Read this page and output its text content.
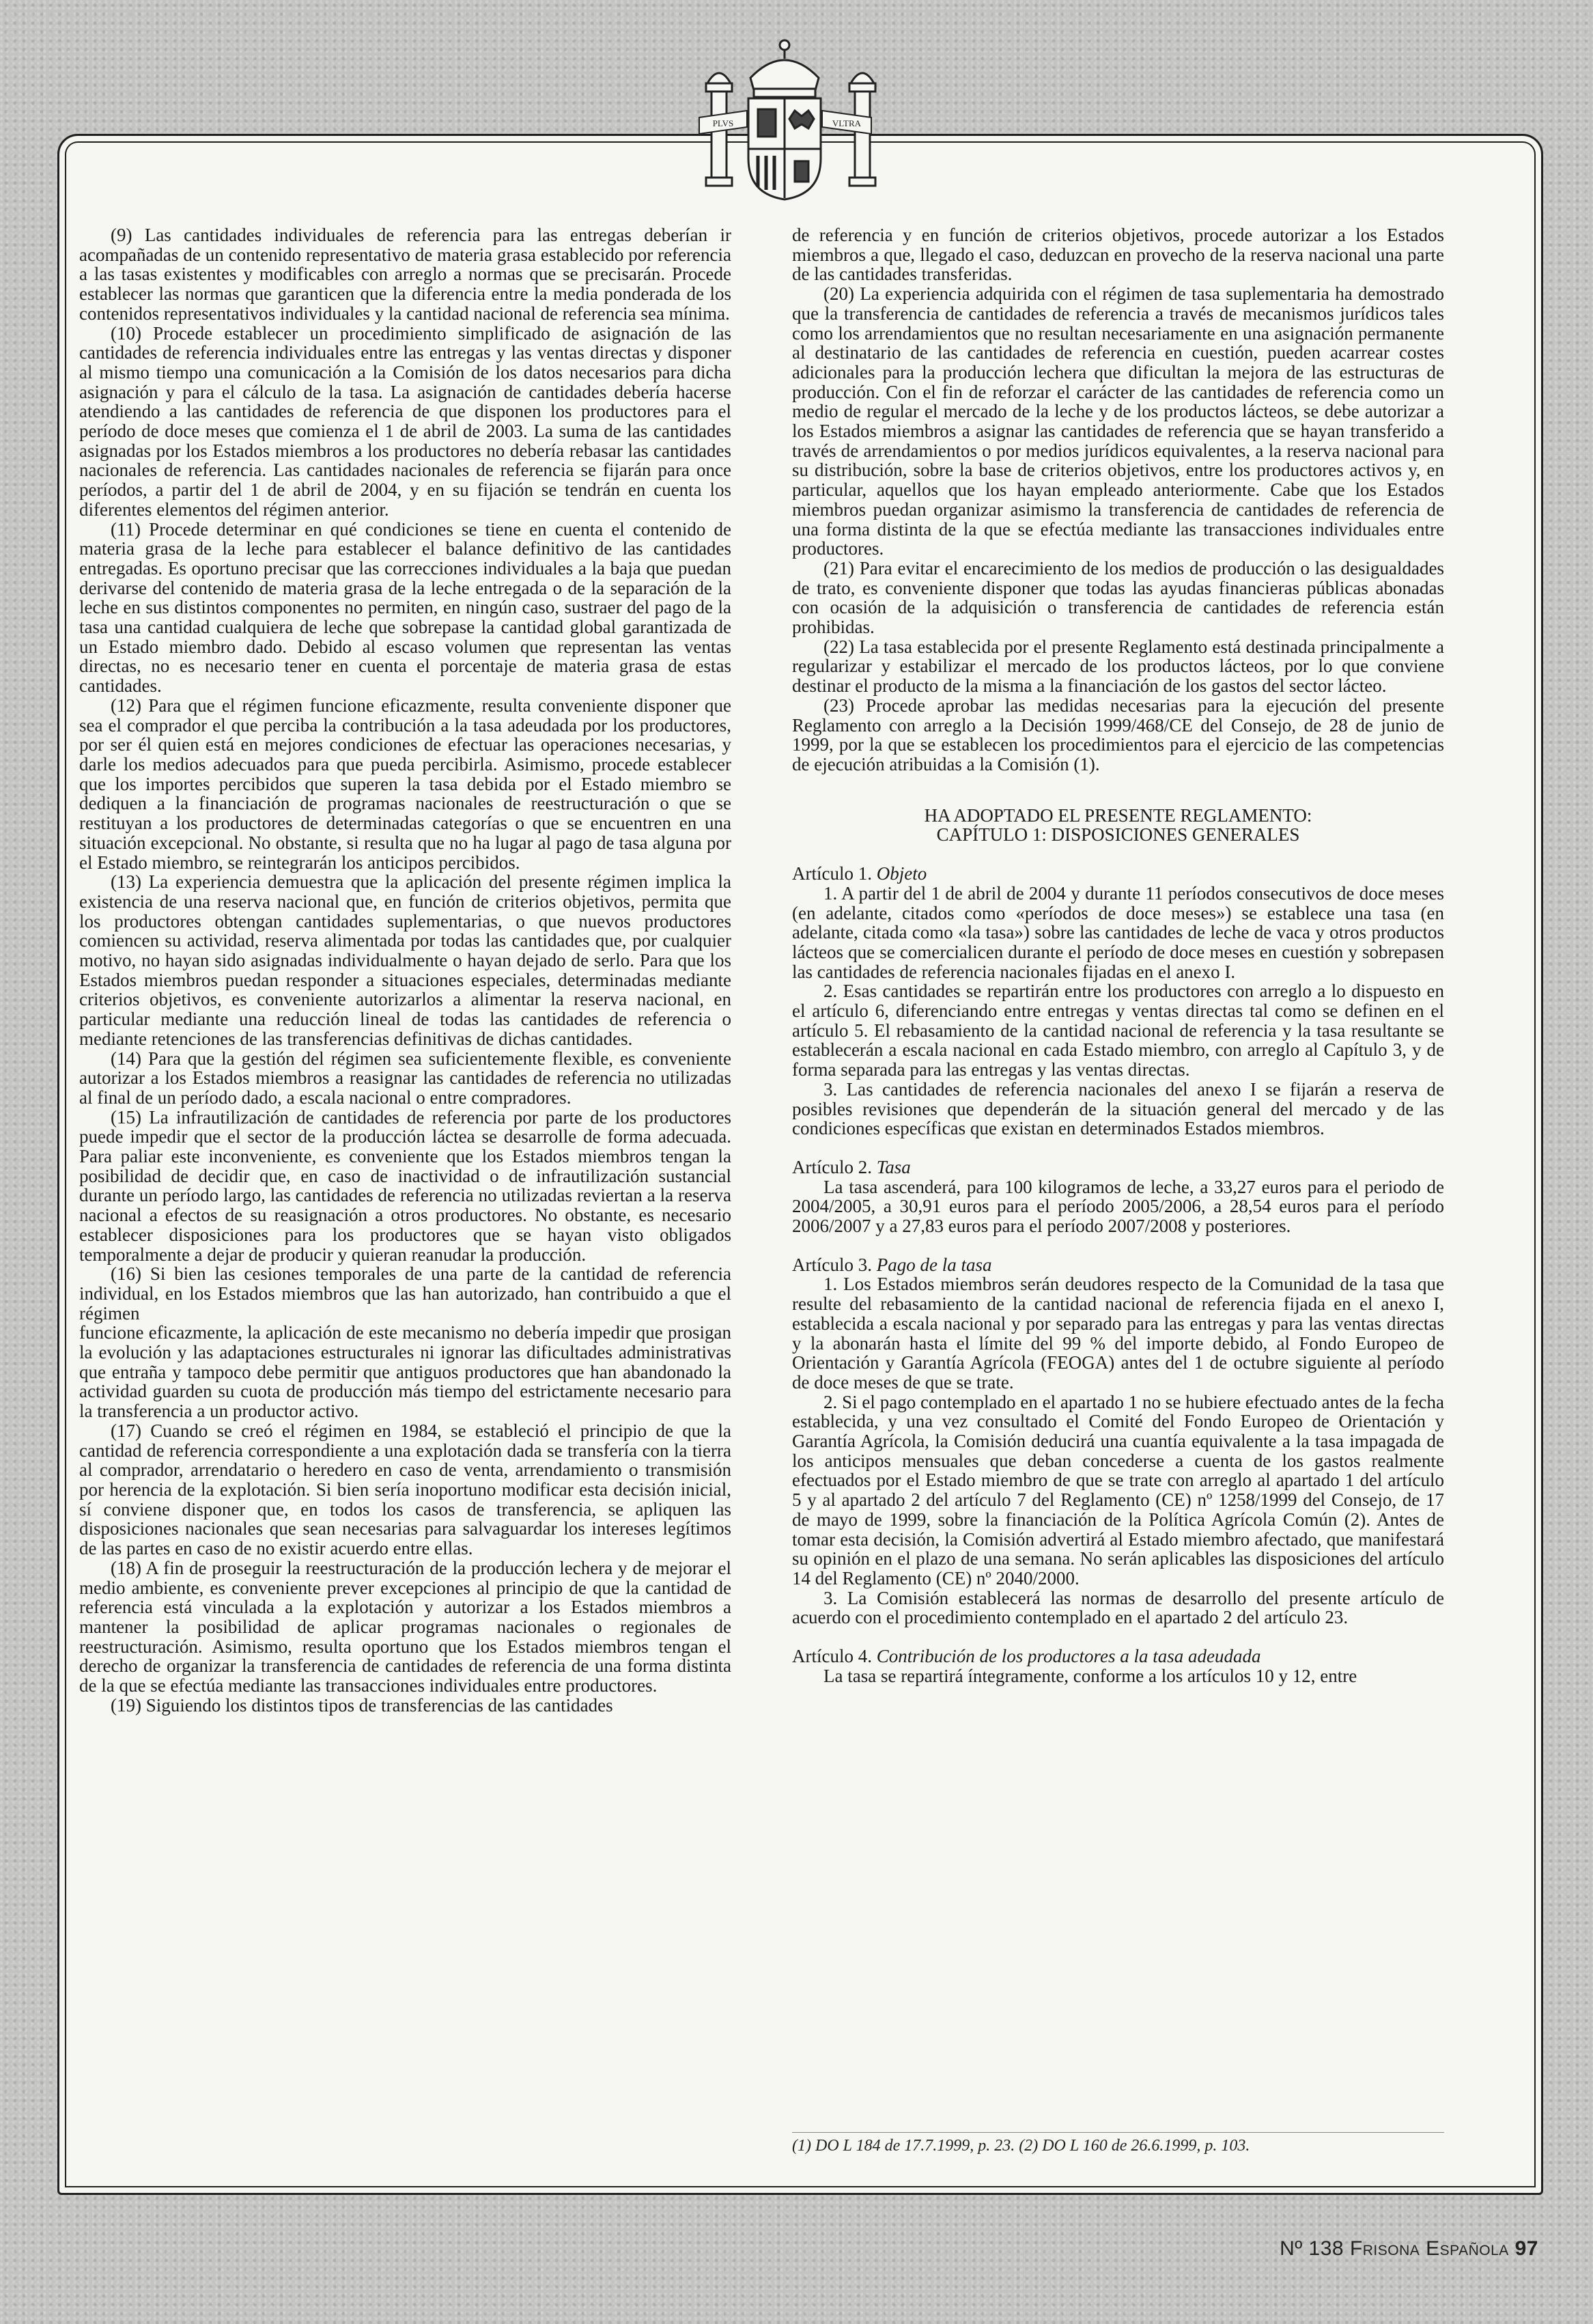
PLVS	VLTRA

(9) Las cantidades individuales de referencia para las entregas deberían ir acompañadas de un contenido representativo de materia grasa establecido por referencia a las tasas existentes y modificables con arreglo a normas que se precisarán. Procede establecer las normas que garanticen que la diferencia entre la media ponderada de los contenidos representativos individuales y la cantidad nacional de referencia sea mínima.

(10) Procede establecer un procedimiento simplificado de asignación de las cantidades de referencia individuales entre las entregas y las ventas directas y disponer al mismo tiempo una comunicación a la Comisión de los datos necesarios para dicha asignación y para el cálculo de la tasa. La asignación de cantidades debería hacerse atendiendo a las cantidades de referencia de que disponen los productores para el período de doce meses que comienza el 1 de abril de 2003. La suma de las cantidades asignadas por los Estados miembros a los productores no debería rebasar las cantidades nacionales de referencia. Las cantidades nacionales de referencia se fijarán para once períodos, a partir del 1 de abril de 2004, y en su fijación se tendrán en cuenta los diferentes elementos del régimen anterior.

(11) Procede determinar en qué condiciones se tiene en cuenta el contenido de materia grasa de la leche para establecer el balance definitivo de las cantidades entregadas. Es oportuno precisar que las correcciones individuales a la baja que puedan derivarse del contenido de materia grasa de la leche entregada o de la separación de la leche en sus distintos componentes no permiten, en ningún caso, sustraer del pago de la tasa una cantidad cualquiera de leche que sobrepase la cantidad global garantizada de un Estado miembro dado. Debido al escaso volumen que representan las ventas directas, no es necesario tener en cuenta el porcentaje de materia grasa de estas cantidades.

(12) Para que el régimen funcione eficazmente, resulta conveniente disponer que sea el comprador el que perciba la contribución a la tasa adeudada por los productores, por ser él quien está en mejores condiciones de efectuar las operaciones necesarias, y darle los medios adecuados para que pueda percibirla. Asimismo, procede establecer que los importes percibidos que superen la tasa debida por el Estado miembro se dediquen a la financiación de programas nacionales de reestructuración o que se restituyan a los productores de determinadas categorías o que se encuentren en una situación excepcional. No obstante, si resulta que no ha lugar al pago de tasa alguna por el Estado miembro, se reintegrarán los anticipos percibidos.

(13) La experiencia demuestra que la aplicación del presente régimen implica la existencia de una reserva nacional que, en función de criterios objetivos, permita que los productores obtengan cantidades suplementarias, o que nuevos productores comiencen su actividad, reserva alimentada por todas las cantidades que, por cualquier motivo, no hayan sido asignadas individualmente o hayan dejado de serlo. Para que los Estados miembros puedan responder a situaciones especiales, determinadas mediante criterios objetivos, es conveniente autorizarlos a alimentar la reserva nacional, en particular mediante una reducción lineal de todas las cantidades de referencia o mediante retenciones de las transferencias definitivas de dichas cantidades.

(14) Para que la gestión del régimen sea suficientemente flexible, es conveniente autorizar a los Estados miembros a reasignar las cantidades de referencia no utilizadas al final de un período dado, a escala nacional o entre compradores.

(15) La infrautilización de cantidades de referencia por parte de los productores puede impedir que el sector de la producción láctea se desarrolle de forma adecuada. Para paliar este inconveniente, es conveniente que los Estados miembros tengan la posibilidad de decidir que, en caso de inactividad o de infrautilización sustancial durante un período largo, las cantidades de referencia no utilizadas reviertan a la reserva nacional a efectos de su reasignación a otros productores. No obstante, es necesario establecer disposiciones para los productores que se hayan visto obligados temporalmente a dejar de producir y quieran reanudar la producción.

(16) Si bien las cesiones temporales de una parte de la cantidad de referencia individual, en los Estados miembros que las han autorizado, han contribuido a que el régimen

funcione eficazmente, la aplicación de este mecanismo no debería impedir que prosigan la evolución y las adaptaciones estructurales ni ignorar las dificultades administrativas que entraña y tampoco debe permitir que antiguos productores que han abandonado la actividad guarden su cuota de producción más tiempo del estrictamente necesario para la transferencia a un productor activo.

(17) Cuando se creó el régimen en 1984, se estableció el principio de que la cantidad de referencia correspondiente a una explotación dada se transfería con la tierra al comprador, arrendatario o heredero en caso de venta, arrendamiento o transmisión por herencia de la explotación. Si bien sería inoportuno modificar esta decisión inicial, sí conviene disponer que, en todos los casos de transferencia, se apliquen las disposiciones nacionales que sean necesarias para salvaguardar los intereses legítimos de las partes en caso de no existir acuerdo entre ellas.

(18) A fin de proseguir la reestructuración de la producción lechera y de mejorar el medio ambiente, es conveniente prever excepciones al principio de que la cantidad de referencia está vinculada a la explotación y autorizar a los Estados miembros a mantener la posibilidad de aplicar programas nacionales o regionales de reestructuración. Asimismo, resulta oportuno que los Estados miembros tengan el derecho de organizar la transferencia de cantidades de referencia de una forma distinta de la que se efectúa mediante las transacciones individuales entre productores.

(19) Siguiendo los distintos tipos de transferencias de las cantidades

de referencia y en función de criterios objetivos, procede autorizar a los Estados miembros a que, llegado el caso, deduzcan en provecho de la reserva nacional una parte de las cantidades transferidas.

(20) La experiencia adquirida con el régimen de tasa suplementaria ha demostrado que la transferencia de cantidades de referencia a través de mecanismos jurídicos tales como los arrendamientos que no resultan necesariamente en una asignación permanente al destinatario de las cantidades de referencia en cuestión, pueden acarrear costes adicionales para la producción lechera que dificultan la mejora de las estructuras de producción. Con el fin de reforzar el carácter de las cantidades de referencia como un medio de regular el mercado de la leche y de los productos lácteos, se debe autorizar a los Estados miembros a asignar las cantidades de referencia que se hayan transferido a través de arrendamientos o por medios jurídicos equivalentes, a la reserva nacional para su distribución, sobre la base de criterios objetivos, entre los productores activos y, en particular, aquellos que los hayan empleado anteriormente. Cabe que los Estados miembros puedan organizar asimismo la transferencia de cantidades de referencia de una forma distinta de la que se efectúa mediante las transacciones individuales entre productores.

(21) Para evitar el encarecimiento de los medios de producción o las desigualdades de trato, es conveniente disponer que todas las ayudas financieras públicas abonadas con ocasión de la adquisición o transferencia de cantidades de referencia están prohibidas.

(22) La tasa establecida por el presente Reglamento está destinada principalmente a regularizar y estabilizar el mercado de los productos lácteos, por lo que conviene destinar el producto de la misma a la financiación de los gastos del sector lácteo.

(23) Procede aprobar las medidas necesarias para la ejecución del presente Reglamento con arreglo a la Decisión 1999/468/CE del Consejo, de 28 de junio de 1999, por la que se establecen los procedimientos para el ejercicio de las competencias de ejecución atribuidas a la Comisión (1).

HA ADOPTADO EL PRESENTE REGLAMENTO:

CAPÍTULO 1: DISPOSICIONES GENERALES

Artículo 1. Objeto

1. A partir del 1 de abril de 2004 y durante 11 períodos consecutivos de doce meses (en adelante, citados como «períodos de doce meses») se establece una tasa (en adelante, citada como «la tasa») sobre las cantidades de leche de vaca y otros productos lácteos que se comercialicen durante el período de doce meses en cuestión y sobrepasen las cantidades de referencia nacionales fijadas en el anexo I.

2. Esas cantidades se repartirán entre los productores con arreglo a lo dispuesto en el artículo 6, diferenciando entre entregas y ventas directas tal como se definen en el artículo 5. El rebasamiento de la cantidad nacional de referencia y la tasa resultante se establecerán a escala nacional en cada Estado miembro, con arreglo al Capítulo 3, y de forma separada para las entregas y las ventas directas.

3. Las cantidades de referencia nacionales del anexo I se fijarán a reserva de posibles revisiones que dependerán de la situación general del mercado y de las condiciones específicas que existan en determinados Estados miembros.

Artículo 2. Tasa

La tasa ascenderá, para 100 kilogramos de leche, a 33,27 euros para el periodo de 2004/2005, a 30,91 euros para el período 2005/2006, a 28,54 euros para el período 2006/2007 y a 27,83 euros para el período 2007/2008 y posteriores.

Artículo 3. Pago de la tasa

1. Los Estados miembros serán deudores respecto de la Comunidad de la tasa que resulte del rebasamiento de la cantidad nacional de referencia fijada en el anexo I, establecida a escala nacional y por separado para las entregas y para las ventas directas y la abonarán hasta el límite del 99 % del importe debido, al Fondo Europeo de Orientación y Garantía Agrícola (FEOGA) antes del 1 de octubre siguiente al período de doce meses de que se trate.

2. Si el pago contemplado en el apartado 1 no se hubiere efectuado antes de la fecha establecida, y una vez consultado el Comité del Fondo Europeo de Orientación y Garantía Agrícola, la Comisión deducirá una cuantía equivalente a la tasa impagada de los anticipos mensuales que deban concederse a cuenta de los gastos realmente efectuados por el Estado miembro de que se trate con arreglo al apartado 1 del artículo 5 y al apartado 2 del artículo 7 del Reglamento (CE) nº 1258/1999 del Consejo, de 17 de mayo de 1999, sobre la financiación de la Política Agrícola Común (2). Antes de tomar esta decisión, la Comisión advertirá al Estado miembro afectado, que manifestará su opinión en el plazo de una semana. No serán aplicables las disposiciones del artículo 14 del Reglamento (CE) nº 2040/2000.

3. La Comisión establecerá las normas de desarrollo del presente artículo de acuerdo con el procedimiento contemplado en el apartado 2 del artículo 23.

Artículo 4. Contribución de los productores a la tasa adeudada

La tasa se repartirá íntegramente, conforme a los artículos 10 y 12, entre

(1) DO L 184 de 17.7.1999, p. 23. (2) DO L 160 de 26.6.1999, p. 103.
Nº 138 Frisona Española 97
